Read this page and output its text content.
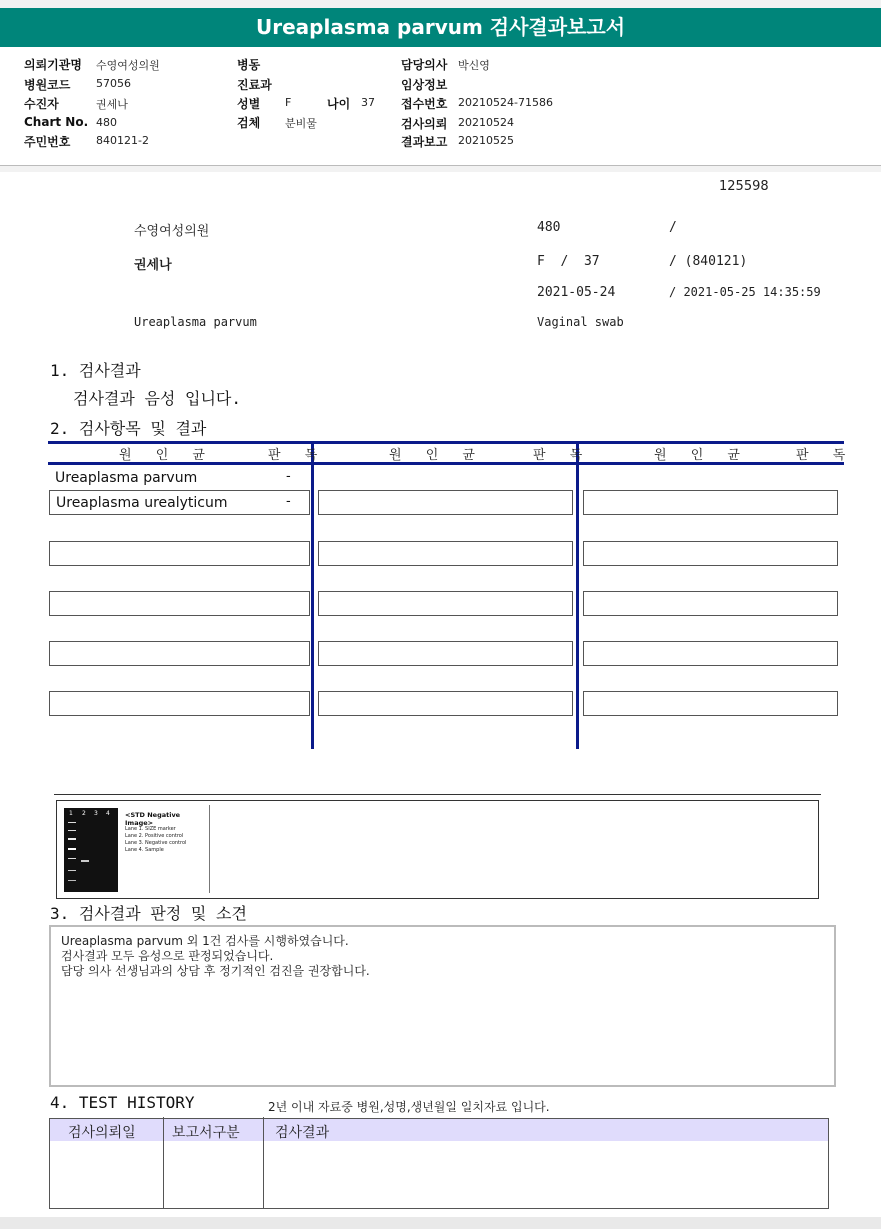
Ureaplasma parvum 검사결과보고서
의뢰기관명 수영여성의원
병원코드 57056
수진자	권세나
Chart No. 480
주민번호 840121-2
병동
진료과
성별 F	나이 37
검체 분비물
담당의사 박신영
임상정보
접수번호 20210524-71586
검사의뢰 20210524
결과보고 20210525
125598
수영여성의원	480	/
권세나	F  /  37	/ (840121)
2021-05-24	/ 2021-05-25 14:35:59
Ureaplasma parvum	Vaginal swab
1. 검사결과
검사결과 음성 입니다.
2. 검사항목 및 결과
원 인 균	판 독	원 인 균	판 독	원 인 균	판 독
Ureaplasma parvum	-
Ureaplasma urealyticum	-
1 2 3 4 <STD Negative Image>
Lane 1. SIZE marker
Lane 2. Positive control
Lane 3. Negative control
Lane 4. Sample
3. 검사결과 판정 및 소견
Ureaplasma parvum 외 1건 검사를 시행하였습니다.
검사결과 모두 음성으로 판정되었습니다.
담당 의사 선생님과의 상담 후 정기적인 검진을 권장합니다.
4. TEST HISTORY	2년 이내 자료중 병원,성명,생년월일 일치자료 입니다.
검사의뢰일	보고서구분	검사결과
